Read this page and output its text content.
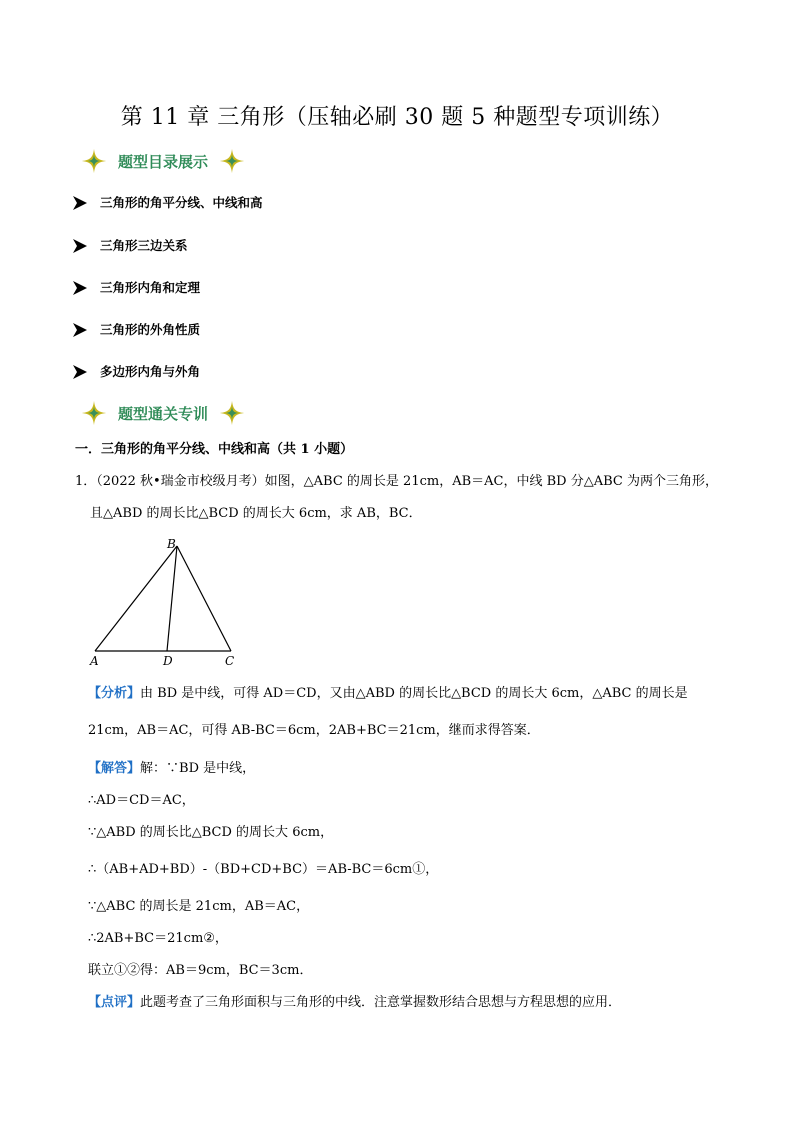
第 11 章 三角形（压轴必刷 30 题 5 种题型专项训练）
题型目录展示
三角形的角平分线、中线和高
三角形三边关系
三角形内角和定理
三角形的外角性质
多边形内角与外角
题型通关专训
一．三角形的角平分线、中线和高（共 1 小题）
1．（2022 秋•瑞金市校级月考）如图，△ABC 的周长是 21cm，AB＝AC，中线 BD 分△ABC 为两个三角形，
且△ABD 的周长比△BCD 的周长大 6cm，求 AB，BC．
B
A	D	C
【分析】由 BD 是中线，可得 AD＝CD，又由△ABD 的周长比△BCD 的周长大 6cm，△ABC 的周长是
21cm，AB＝AC，可得 AB-BC＝6cm，2AB+BC＝21cm，继而求得答案．
【解答】解：∵BD 是中线，
∴AD＝CD＝AC，
∵△ABD 的周长比△BCD 的周长大 6cm，
∴（AB+AD+BD）-（BD+CD+BC）＝AB-BC＝6cm①，
∵△ABC 的周长是 21cm，AB＝AC，
∴2AB+BC＝21cm②，
联立①②得：AB＝9cm，BC＝3cm．
【点评】此题考查了三角形面积与三角形的中线．注意掌握数形结合思想与方程思想的应用．
